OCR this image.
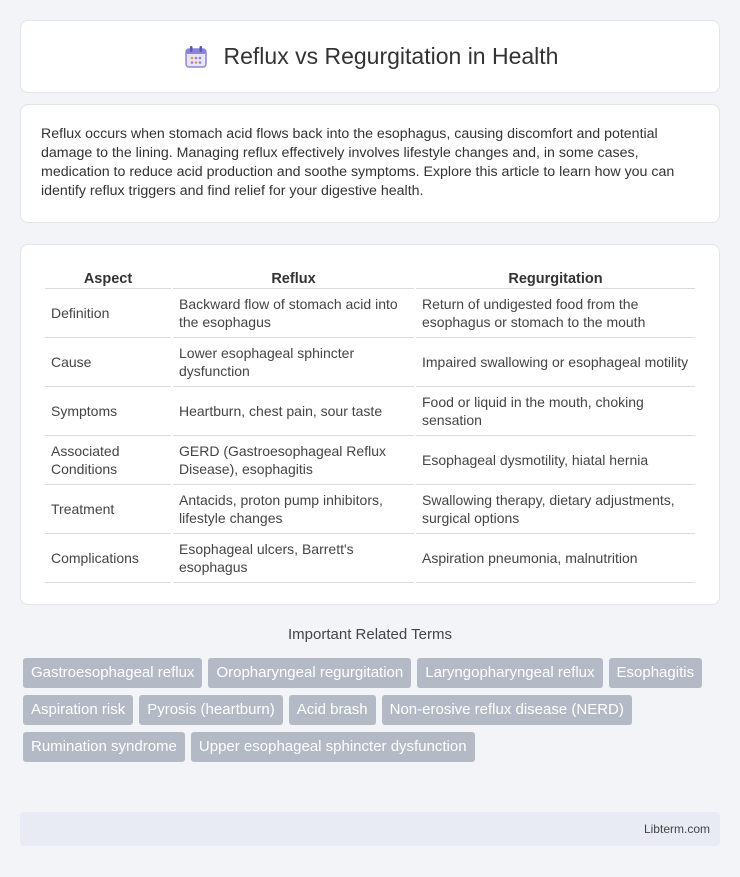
Reflux vs Regurgitation in Health

Reflux occurs when stomach acid flows back into the esophagus, causing discomfort and potential damage to the lining. Managing reflux effectively involves lifestyle changes and, in some cases, medication to reduce acid production and soothe symptoms. Explore this article to learn how you can identify reflux triggers and find relief for your digestive health.

Aspect	Reflux	Regurgitation
Definition	Backward flow of stomach acid into the esophagus	Return of undigested food from the esophagus or stomach to the mouth
Cause	Lower esophageal sphincter dysfunction	Impaired swallowing or esophageal motility
Symptoms	Heartburn, chest pain, sour taste	Food or liquid in the mouth, choking sensation
Associated Conditions	GERD (Gastroesophageal Reflux Disease), esophagitis	Esophageal dysmotility, hiatal hernia
Treatment	Antacids, proton pump inhibitors, lifestyle changes	Swallowing therapy, dietary adjustments, surgical options
Complications	Esophageal ulcers, Barrett's esophagus	Aspiration pneumonia, malnutrition
Important Related Terms
Gastroesophageal reflux	Oropharyngeal regurgitation	Laryngopharyngeal reflux	Esophagitis
Aspiration risk	Pyrosis (heartburn)	Acid brash	Non-erosive reflux disease (NERD)
Rumination syndrome	Upper esophageal sphincter dysfunction
Libterm.com
